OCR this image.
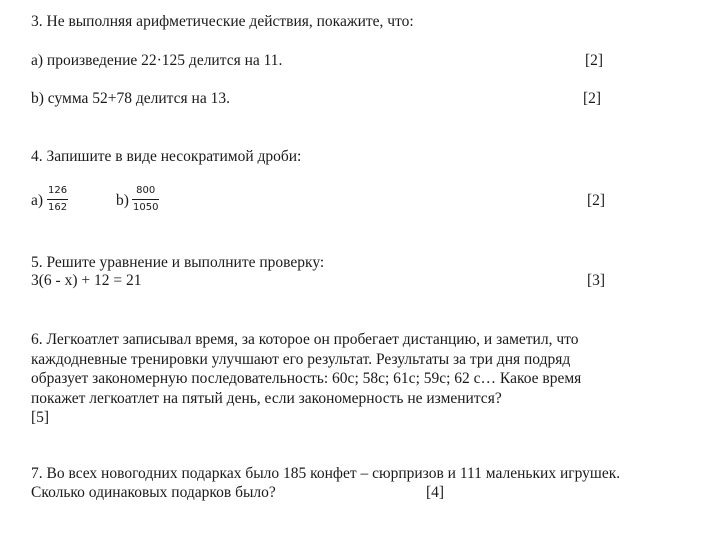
3. Не выполняя арифметические действия, покажите, что:
a) произведение 22·125 делится на 11.	[2]
b) сумма 52+78 делится на 13.	[2]
4. Запишите в виде несократимой дроби:
a)
126
162	b)
800
1050	[2]
5. Решите уравнение и выполните проверку:
3(6 - x) + 12 = 21	[3]
6. Легкоатлет записывал время, за которое он пробегает дистанцию, и заметил, что
каждодневные тренировки улучшают его результат. Результаты за три дня подряд
образует закономерную последовательность: 60с; 58с; 61с; 59с; 62 с… Какое время
покажет легкоатлет на пятый день, если закономерность не изменится?
[5]
7. Во всех новогодних подарках было 185 конфет – сюрпризов и 111 маленьких игрушек.
Сколько одинаковых подарков было?	[4]
